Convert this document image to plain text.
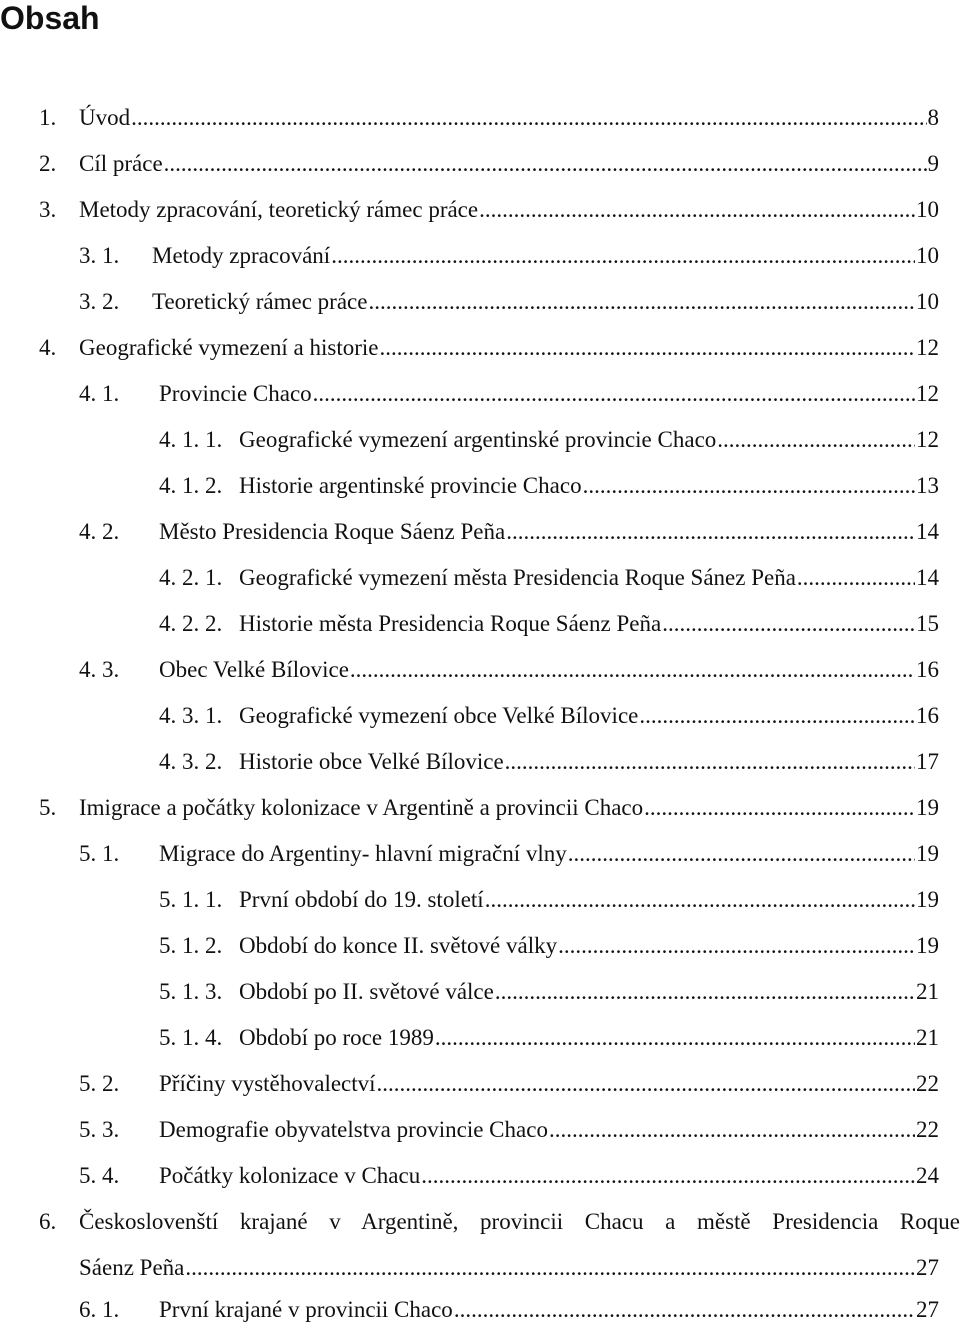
Obsah
1. Úvod .....	8
2. Cíl práce .....	9
3. Metody zpracování, teoretický rámec práce .....	10
3. 1.	Metody zpracování .....	10
3. 2.	Teoretický rámec práce .....	10
4. Geografické vymezení a historie .....	12
4. 1.	Provincie Chaco .....	12
4. 1. 1. Geografické vymezení argentinské provincie Chaco .....	12
4. 1. 2. Historie argentinské provincie Chaco .....	13
4. 2.	Město Presidencia Roque Sáenz Peña .....	14
4. 2. 1. Geografické vymezení města Presidencia Roque Sánez Peña .....	14
4. 2. 2. Historie města Presidencia Roque Sáenz Peña .....	15
4. 3.	Obec Velké Bílovice .....	16
4. 3. 1. Geografické vymezení obce Velké Bílovice .....	16
4. 3. 2. Historie obce Velké Bílovice .....	17
5. Imigrace a počátky kolonizace v Argentině a provincii Chaco .....	19
5. 1.	Migrace do Argentiny- hlavní migrační vlny .....	19
5. 1. 1. První období do 19. století .....	19
5. 1. 2. Období do konce II. světové války .....	19
5. 1. 3. Období po II. světové válce .....	21
5. 1. 4. Období po roce 1989 .....	21
5. 2.	Příčiny vystěhovalectví .....	22
5. 3.	Demografie obyvatelstva provincie Chaco .....	22
5. 4.	Počátky kolonizace v Chacu .....	24
6. Českoslovenští krajané v Argentině, provincii Chacu a městě Presidencia Roque
Sáenz Peña .....	27
6. 1.	První krajané v provincii Chaco .....	27
